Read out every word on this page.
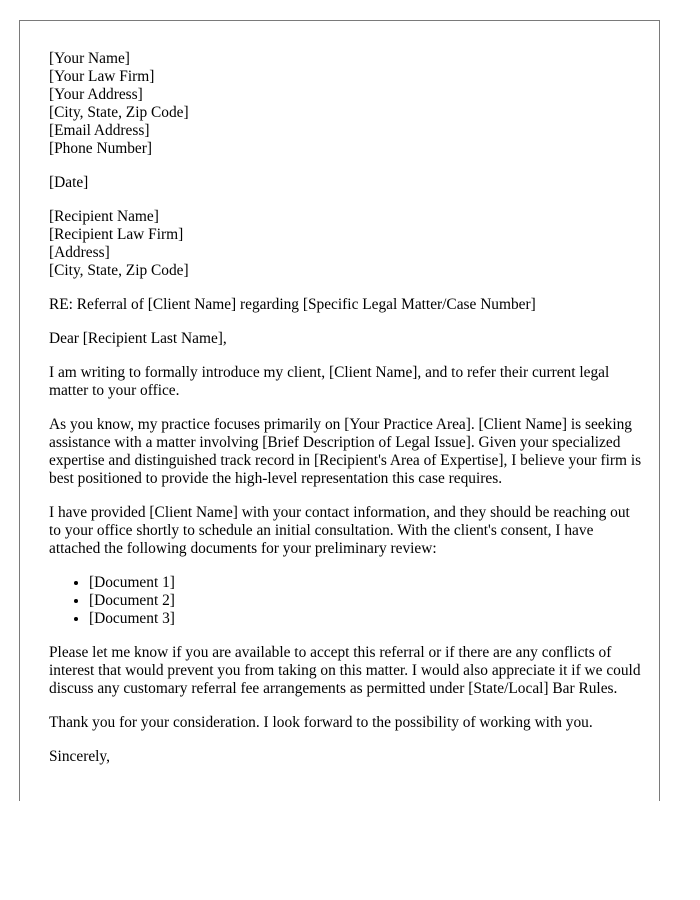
[Your Name]
[Your Law Firm]
[Your Address]
[City, State, Zip Code]
[Email Address]
[Phone Number]

[Date]

[Recipient Name]
[Recipient Law Firm]
[Address]
[City, State, Zip Code]

RE: Referral of [Client Name] regarding [Specific Legal Matter/Case Number]

Dear [Recipient Last Name],

I am writing to formally introduce my client, [Client Name], and to refer their current legal matter to your office.

As you know, my practice focuses primarily on [Your Practice Area]. [Client Name] is seeking assistance with a matter involving [Brief Description of Legal Issue]. Given your specialized expertise and distinguished track record in [Recipient's Area of Expertise], I believe your firm is best positioned to provide the high-level representation this case requires.

I have provided [Client Name] with your contact information, and they should be reaching out to your office shortly to schedule an initial consultation. With the client's consent, I have attached the following documents for your preliminary review:

• [Document 1]
• [Document 2]
• [Document 3]

Please let me know if you are available to accept this referral or if there are any conflicts of interest that would prevent you from taking on this matter. I would also appreciate it if we could discuss any customary referral fee arrangements as permitted under [State/Local] Bar Rules.

Thank you for your consideration. I look forward to the possibility of working with you.

Sincerely,
